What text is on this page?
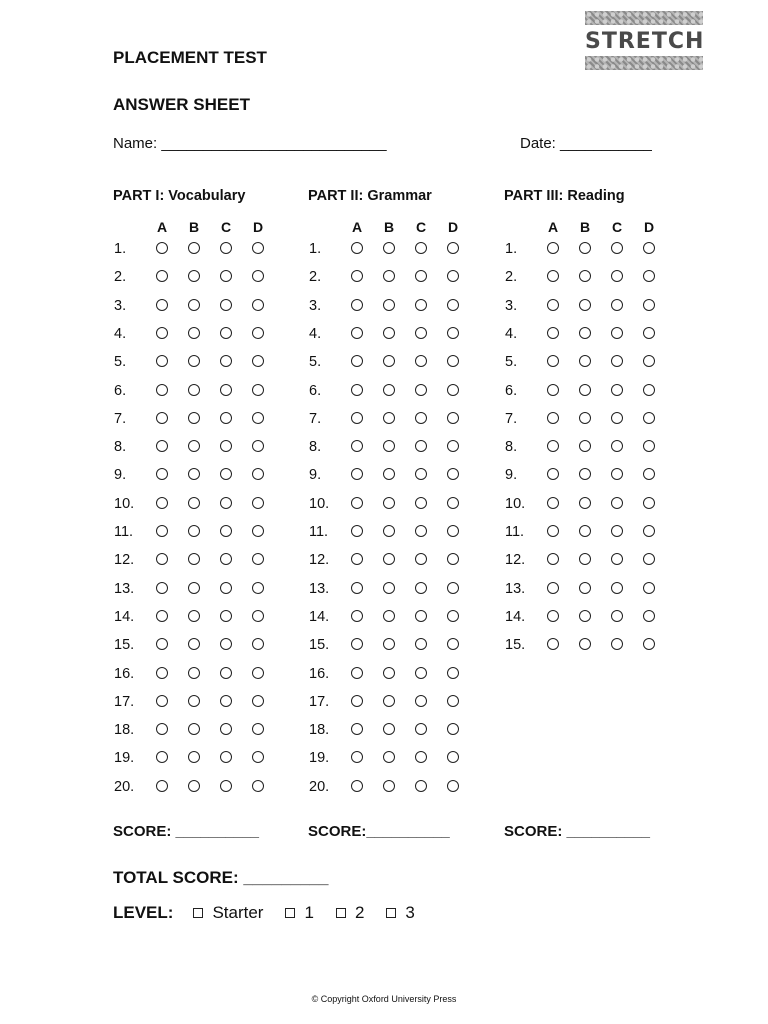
PLACEMENT TEST
ANSWER SHEET
STRETCH
Name: ___________________________	Date: ___________
PART I: Vocabulary
A B C D
1.
2.
3.
4.
5.
6.
7.
8.
9.
10.
11.
12.
13.
14.
15.
16.
17.
18.
19.
20.
PART II: Grammar
A B C D
1.
2.
3.
4.
5.
6.
7.
8.
9.
10.
11.
12.
13.
14.
15.
16.
17.
18.
19.
20.
PART III: Reading
A B C D
1.
2.
3.
4.
5.
6.
7.
8.
9.
10.
11.
12.
13.
14.
15.
SCORE: __________	SCORE:__________	SCORE: __________
TOTAL SCORE: _________
LEVEL: Starter 1 2 3
© Copyright Oxford University Press
